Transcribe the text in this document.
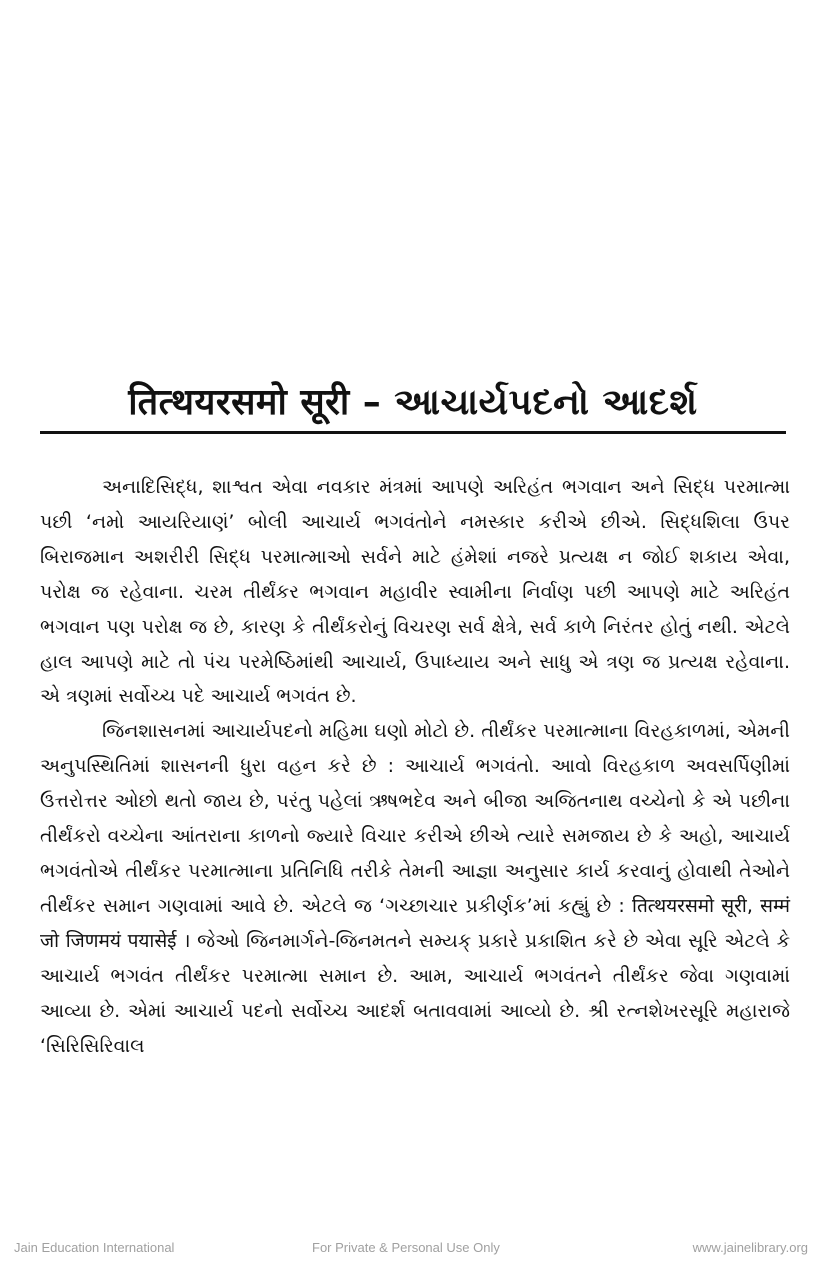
तित्थयरसमो सूरी – આચાર્યપદનો આદર્શ

અનાદિસિદ્ધ, શાશ્વત એવા નવકાર મંત્રમાં આપણે અરિહંત ભગવાન અને સિદ્ધ પરમાત્મા પછી ‘નમો આયરિયાણં’ બોલી આચાર્ય ભગવંતોને નમસ્કાર કરીએ છીએ. સિદ્ધશિલા ઉપર બિરાજમાન અશરીરી સિદ્ધ પરમાત્માઓ સર્વને માટે હંમેશાં નજરે પ્રત્યક્ષ ન જોઈ શકાય એવા, પરોક્ષ જ રહેવાના. ચરમ તીર્થંકર ભગવાન મહાવીર સ્વામીના નિર્વાણ પછી આપણે માટે અરિહંત ભગવાન પણ પરોક્ષ જ છે, કારણ કે તીર્થંકરોનું વિચરણ સર્વ ક્ષેત્રે, સર્વ કાળે નિરંતર હોતું નથી. એટલે હાલ આપણે માટે તો પંચ પરમેષ્ઠિમાંથી આચાર્ય, ઉપાધ્યાય અને સાધુ એ ત્રણ જ પ્રત્યક્ષ રહેવાના. એ ત્રણમાં સર્વોચ્ચ પદે આચાર્ય ભગવંત છે.

જિનશાસનમાં આચાર્યપદનો મહિમા ઘણો મોટો છે. તીર્થંકર પરમાત્માના વિરહકાળમાં, એમની અનુપસ્થિતિમાં શાસનની ધુરા વહન કરે છે : આચાર્ય ભગવંતો. આવો વિરહકાળ અવસર્પિણીમાં ઉત્તરોત્તર ઓછો થતો જાય છે, પરંતુ પહેલાં ઋષભદેવ અને બીજા અજિતનાથ વચ્ચેનો કે એ પછીના તીર્થંકરો વચ્ચેના આંતરાના કાળનો જ્યારે વિચાર કરીએ છીએ ત્યારે સમજાય છે કે અહો, આચાર્ય ભગવંતોએ તીર્થંકર પરમાત્માના પ્રતિનિધિ તરીકે તેમની આજ્ઞા અનુસાર કાર્ય કરવાનું હોવાથી તેઓને તીર્થંકર સમાન ગણવામાં આવે છે. એટલે જ ‘ગચ્છાચાર પ્રકીર્ણક’માં કહ્યું છે : तित्थयरसमो सूरी, सम्मं जो जिणमयं पयासेई । જેઓ જિનમાર્ગને-જિનમતને સમ્યક્ પ્રકારે પ્રકાશિત કરે છે એવા સૂરિ એટલે કે આચાર્ય ભગવંત તીર્થંકર પરમાત્મા સમાન છે. આમ, આચાર્ય ભગવંતને તીર્થંકર જેવા ગણવામાં આવ્યા છે. એમાં આચાર્ય પદનો સર્વોચ્ચ આદર્શ બતાવવામાં આવ્યો છે. શ્રી રત્નશેખરસૂરિ મહારાજે ‘સિરિસિરિવાલ

Jain Education International	For Private & Personal Use Only	www.jainelibrary.org
